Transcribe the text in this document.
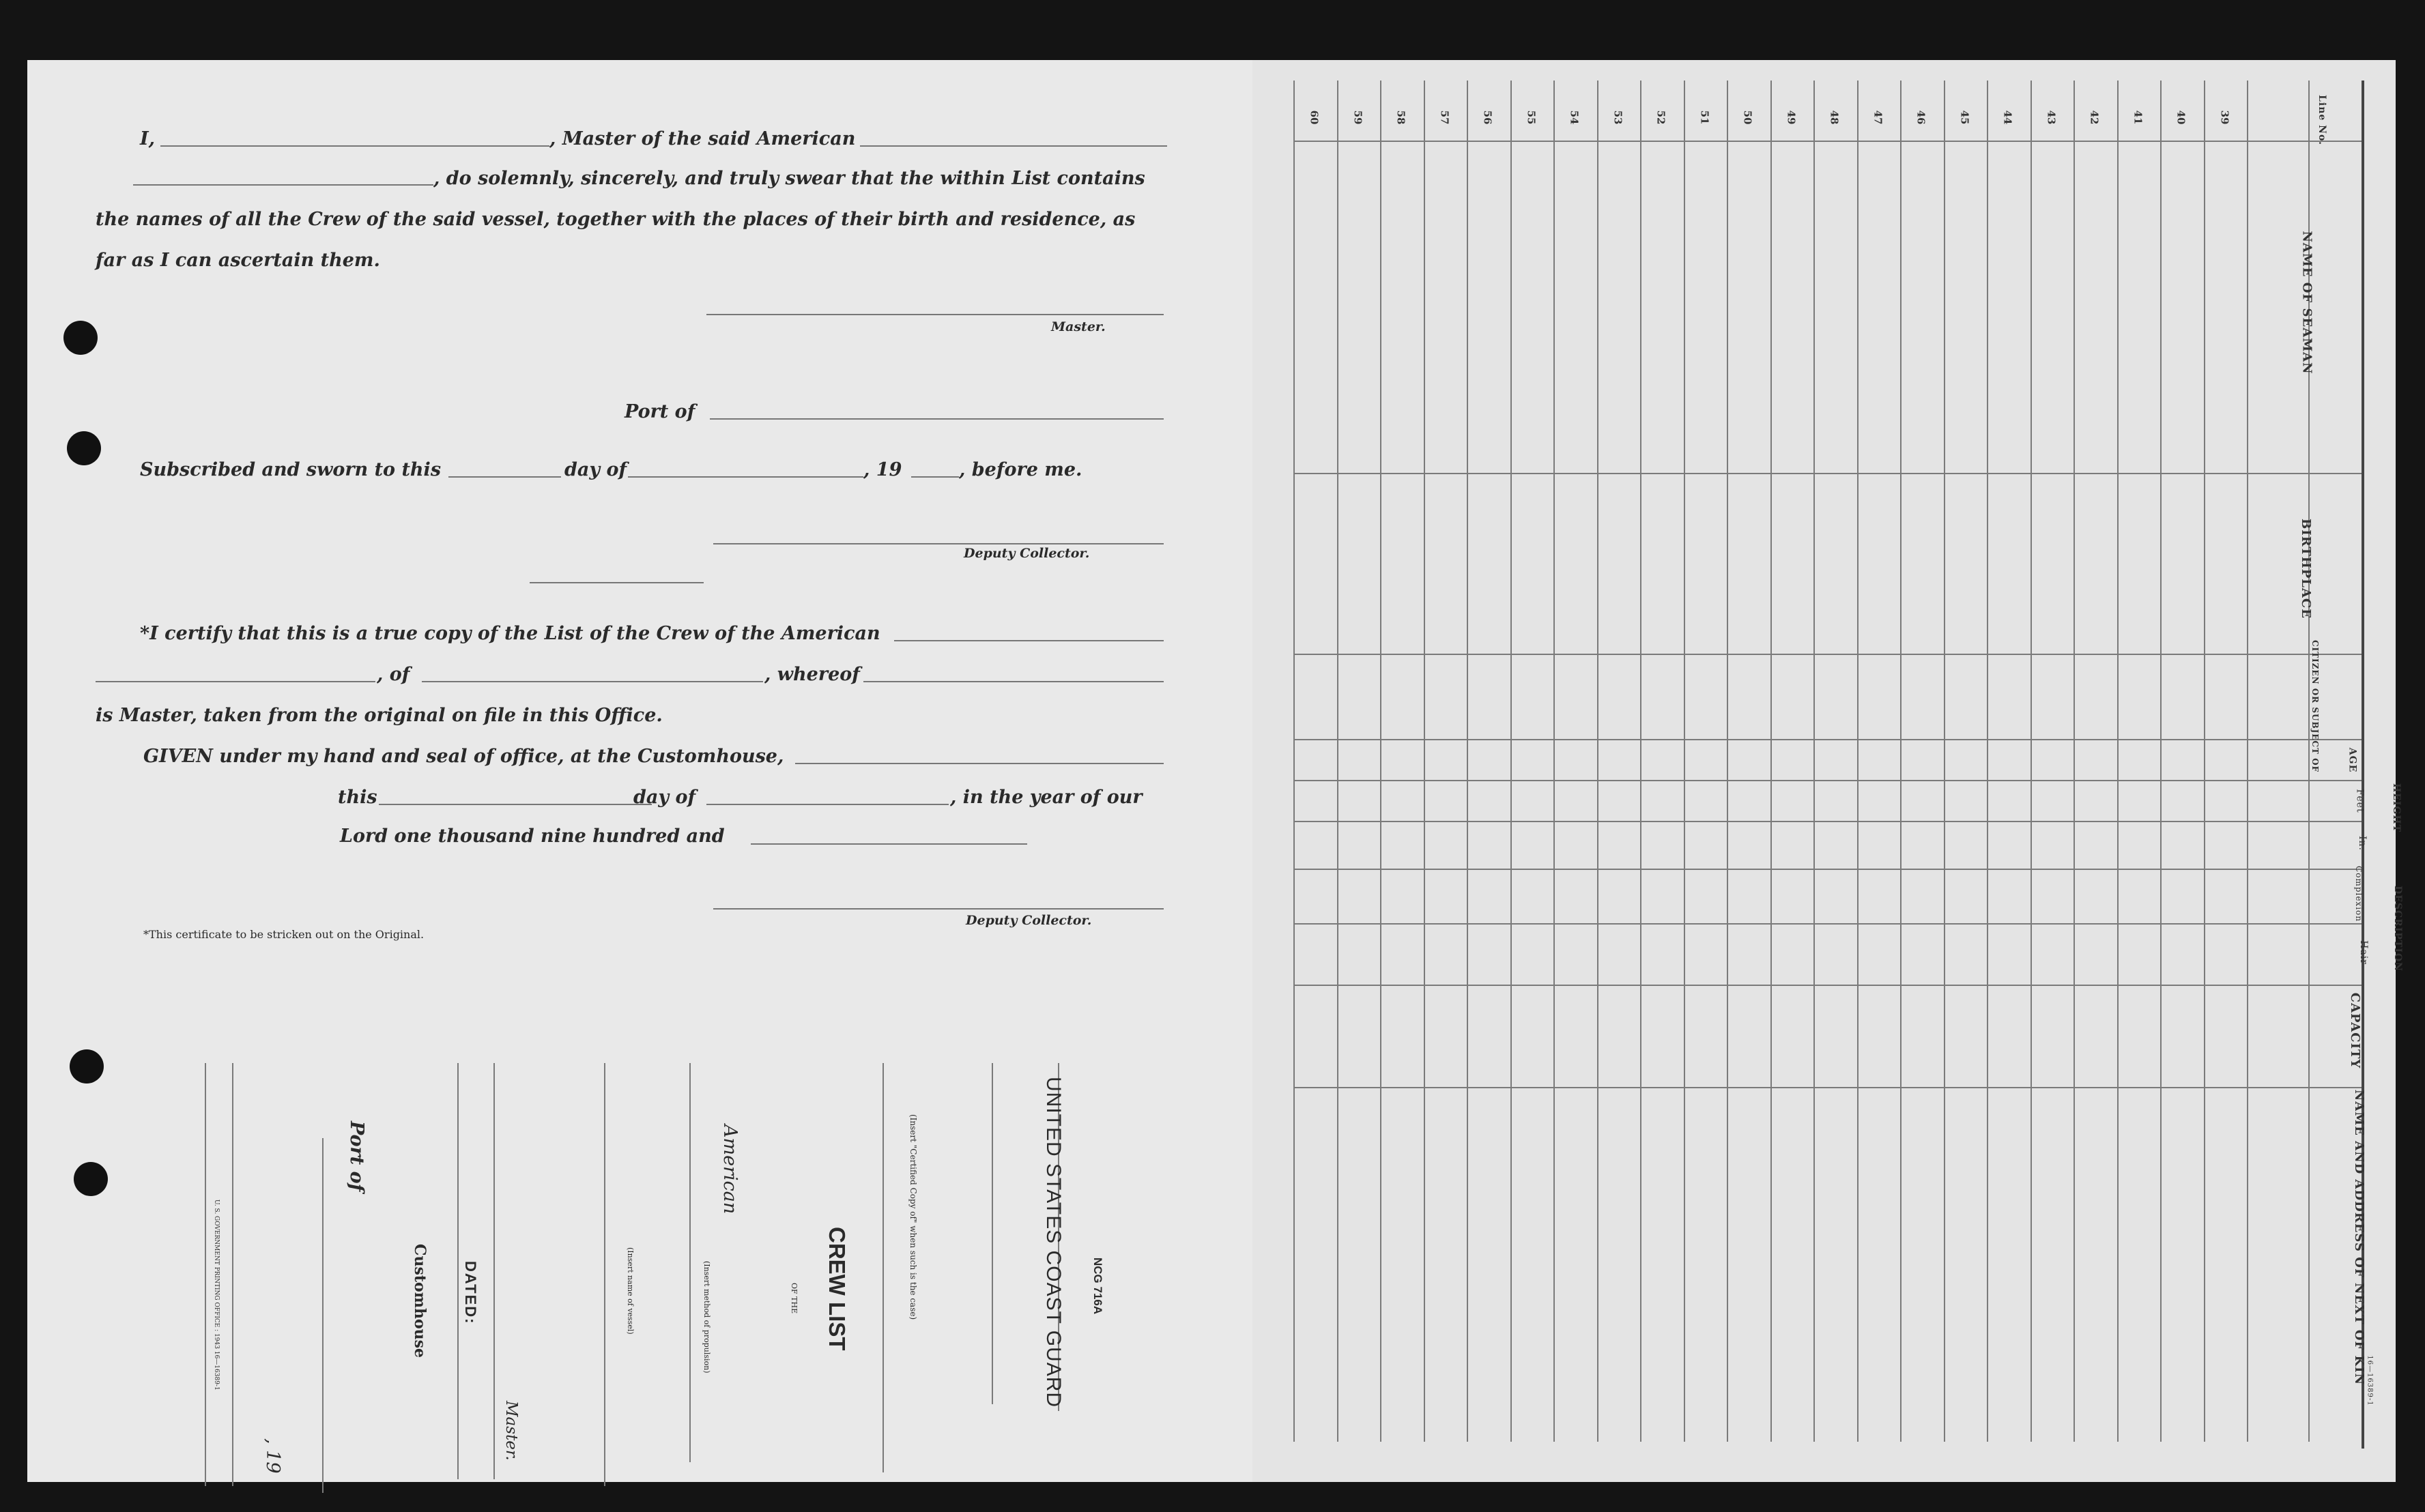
I,	, Master of the said American
, do solemnly, sincerely, and truly swear that the within List contains
the names of all the Crew of the said vessel, together with the places of their birth and residence, as
far as I can ascertain them.
Master.
Port of
Subscribed and sworn to this	day of	, 19	, before me.
Deputy Collector.
*I certify that this is a true copy of the List of the Crew of the American
, of	, whereof
is Master, taken from the original on file in this Office.
GIVEN under my hand and seal of office, at the Customhouse,
this	day of	, in the year of our
Lord one thousand nine hundred and
Deputy Collector.
*This certificate to be stricken out on the Original.
NCG 716A
UNITED STATES COAST GUARD
(Insert "Certified Copy of" when such is the case)
CREW LIST
OF THE
American
(Insert method of propulsion)
(Insert name of vessel)
Master.
DATED:
Customhouse
Port of
, 19
U. S. GOVERNMENT PRINTING OFFICE : 1943 16—16389-1
60	59	58	57	56	55	54	53	52	51	50	49	48	47	46	45	44	43	42	41	40	39	Line No.
NAME OF SEAMAN
BIRTHPLACE
CITIZEN OR SUBJECT OF	AGE
HEIGHT
Feet
In.
DESCRIPTION
Complexion
Hair
CAPACITY
NAME AND ADDRESS OF NEXT OF KIN 16—16389-1
